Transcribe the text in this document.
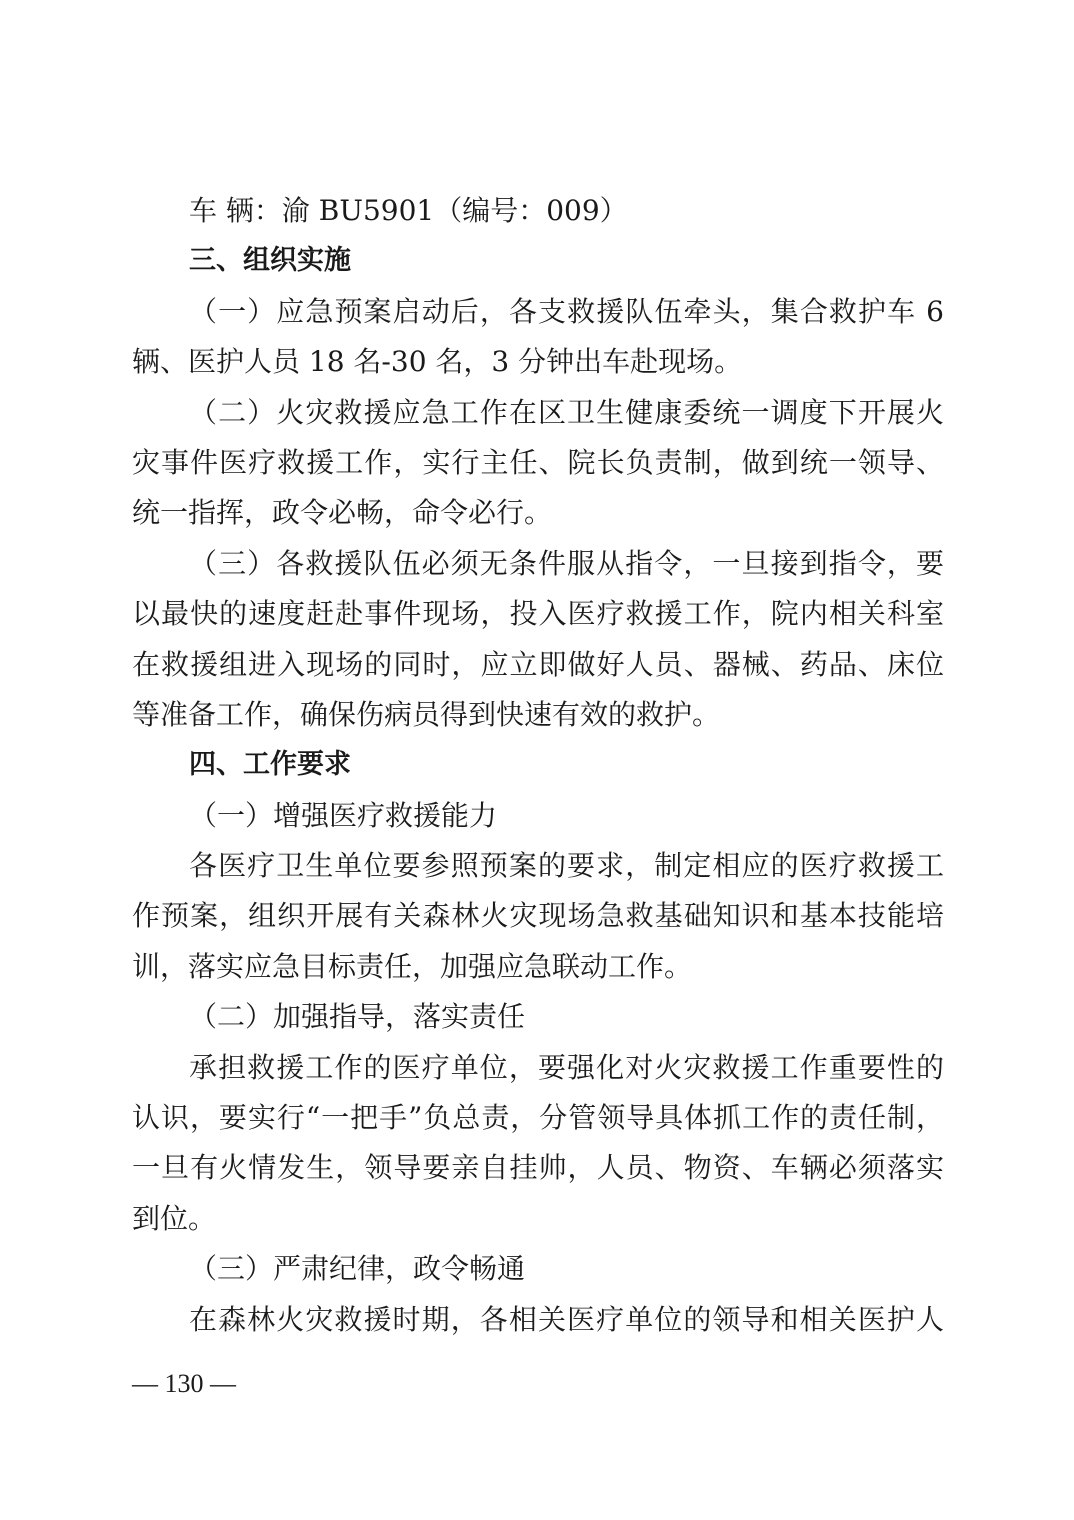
车 辆：渝 BU5901（编号：009）
三、组织实施
（一）应急预案启动后，各支救援队伍牵头，集合救护车 6
辆、医护人员 18 名-30 名，3 分钟出车赴现场。
（二）火灾救援应急工作在区卫生健康委统一调度下开展火
灾事件医疗救援工作，实行主任、院长负责制，做到统一领导、
统一指挥，政令必畅，命令必行。
（三）各救援队伍必须无条件服从指令，一旦接到指令，要
以最快的速度赶赴事件现场，投入医疗救援工作，院内相关科室
在救援组进入现场的同时，应立即做好人员、器械、药品、床位
等准备工作，确保伤病员得到快速有效的救护。
四、工作要求
（一）增强医疗救援能力
各医疗卫生单位要参照预案的要求，制定相应的医疗救援工
作预案，组织开展有关森林火灾现场急救基础知识和基本技能培
训，落实应急目标责任，加强应急联动工作。
（二）加强指导，落实责任
承担救援工作的医疗单位，要强化对火灾救援工作重要性的
认识，要实行“一把手”负总责，分管领导具体抓工作的责任制，
一旦有火情发生，领导要亲自挂帅，人员、物资、车辆必须落实
到位。
（三）严肃纪律，政令畅通
在森林火灾救援时期，各相关医疗单位的领导和相关医护人
— 130 —
